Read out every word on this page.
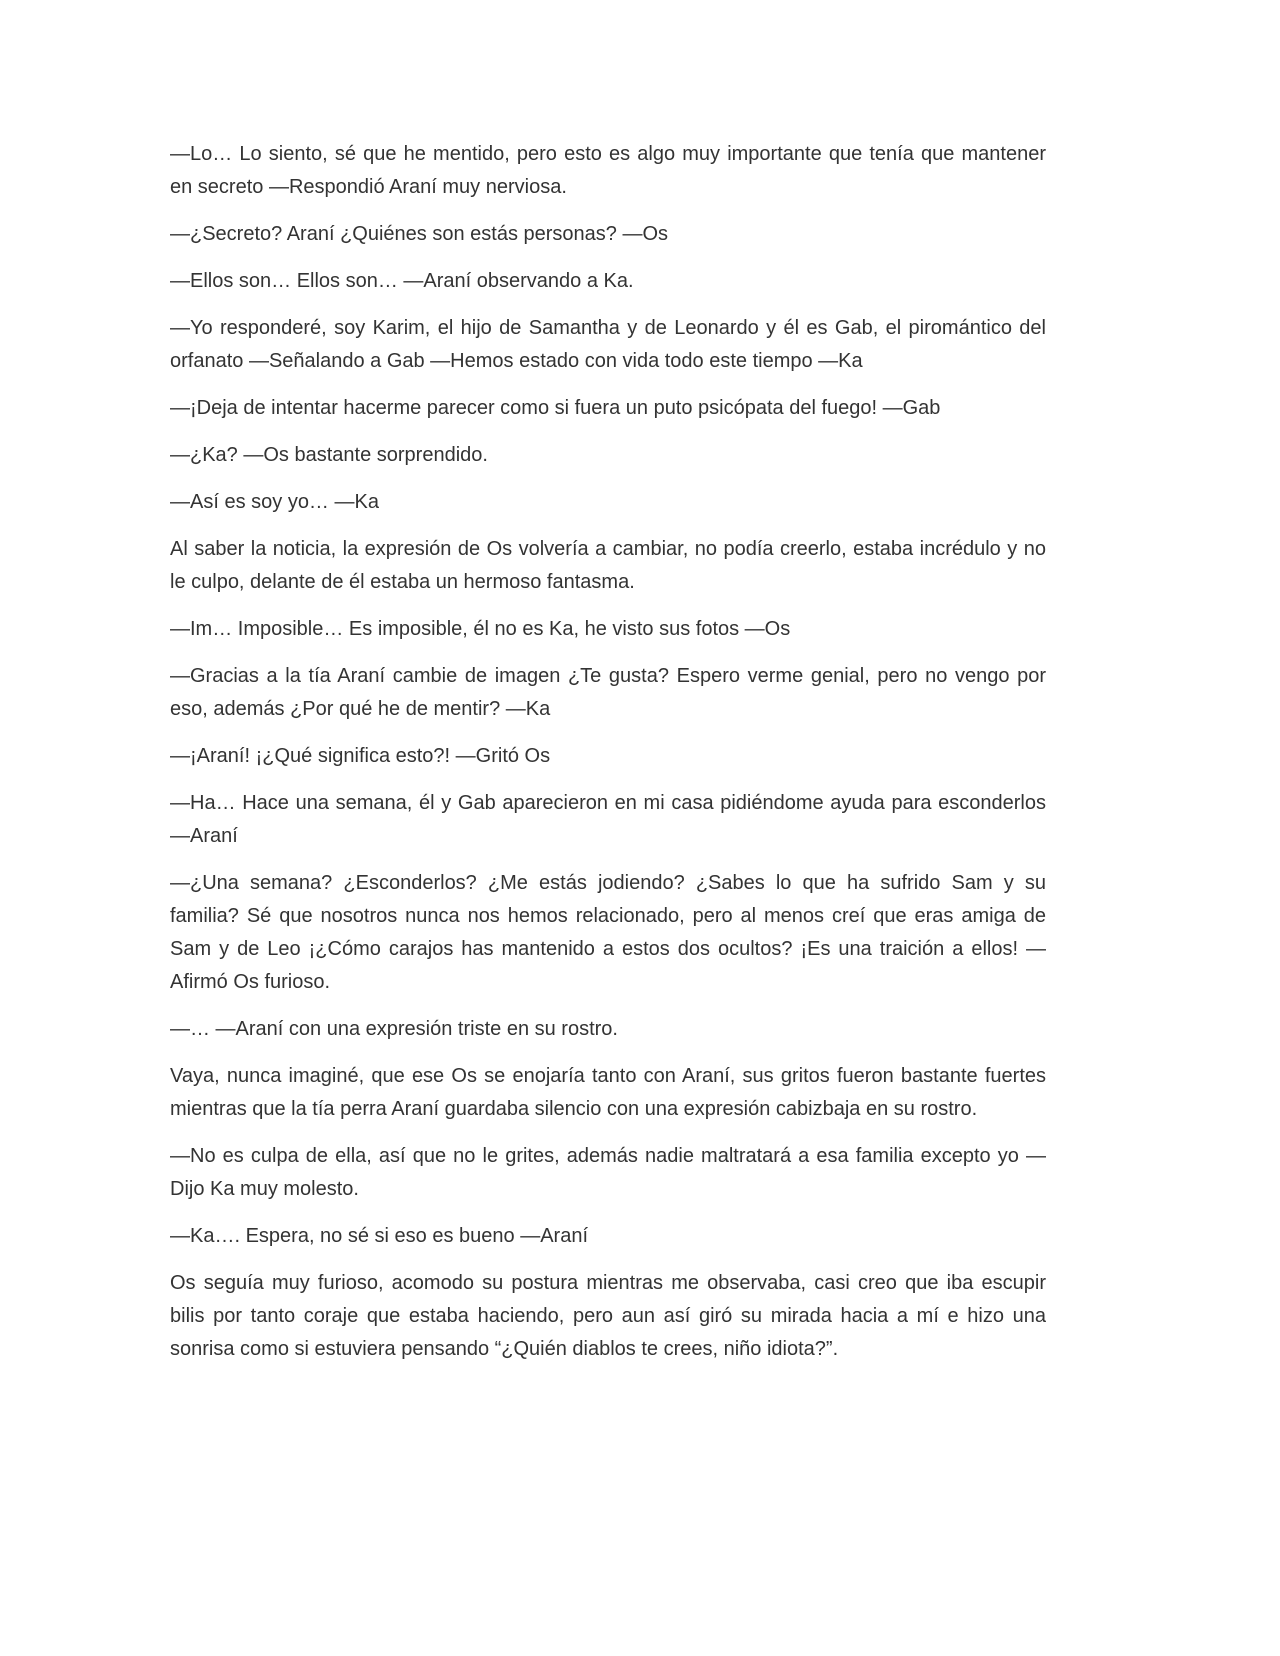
—Lo… Lo siento, sé que he mentido, pero esto es algo muy importante que tenía que mantener en secreto —Respondió Araní muy nerviosa.

—¿Secreto? Araní ¿Quiénes son estás personas? —Os

—Ellos son… Ellos son… —Araní observando a Ka.

—Yo responderé, soy Karim, el hijo de Samantha y de Leonardo y él es Gab, el piromántico del orfanato —Señalando a Gab —Hemos estado con vida todo este tiempo —Ka

—¡Deja de intentar hacerme parecer como si fuera un puto psicópata del fuego! —Gab

—¿Ka? —Os bastante sorprendido.

—Así es soy yo… —Ka

Al saber la noticia, la expresión de Os volvería a cambiar, no podía creerlo, estaba incrédulo y no le culpo, delante de él estaba un hermoso fantasma.

—Im… Imposible… Es imposible, él no es Ka, he visto sus fotos —Os

—Gracias a la tía Araní cambie de imagen ¿Te gusta? Espero verme genial, pero no vengo por eso, además ¿Por qué he de mentir? —Ka

—¡Araní! ¡¿Qué significa esto?! —Gritó Os

—Ha… Hace una semana, él y Gab aparecieron en mi casa pidiéndome ayuda para esconderlos —Araní

—¿Una semana? ¿Esconderlos? ¿Me estás jodiendo? ¿Sabes lo que ha sufrido Sam y su familia? Sé que nosotros nunca nos hemos relacionado, pero al menos creí que eras amiga de Sam y de Leo ¡¿Cómo carajos has mantenido a estos dos ocultos? ¡Es una traición a ellos! —Afirmó Os furioso.

—… —Araní con una expresión triste en su rostro.

Vaya, nunca imaginé, que ese Os se enojaría tanto con Araní, sus gritos fueron bastante fuertes mientras que la tía perra Araní guardaba silencio con una expresión cabizbaja en su rostro.

—No es culpa de ella, así que no le grites, además nadie maltratará a esa familia excepto yo —Dijo Ka muy molesto.

—Ka…. Espera, no sé si eso es bueno —Araní

Os seguía muy furioso, acomodo su postura mientras me observaba, casi creo que iba escupir bilis por tanto coraje que estaba haciendo, pero aun así giró su mirada hacia a mí e hizo una sonrisa como si estuviera pensando “¿Quién diablos te crees, niño idiota?”.
